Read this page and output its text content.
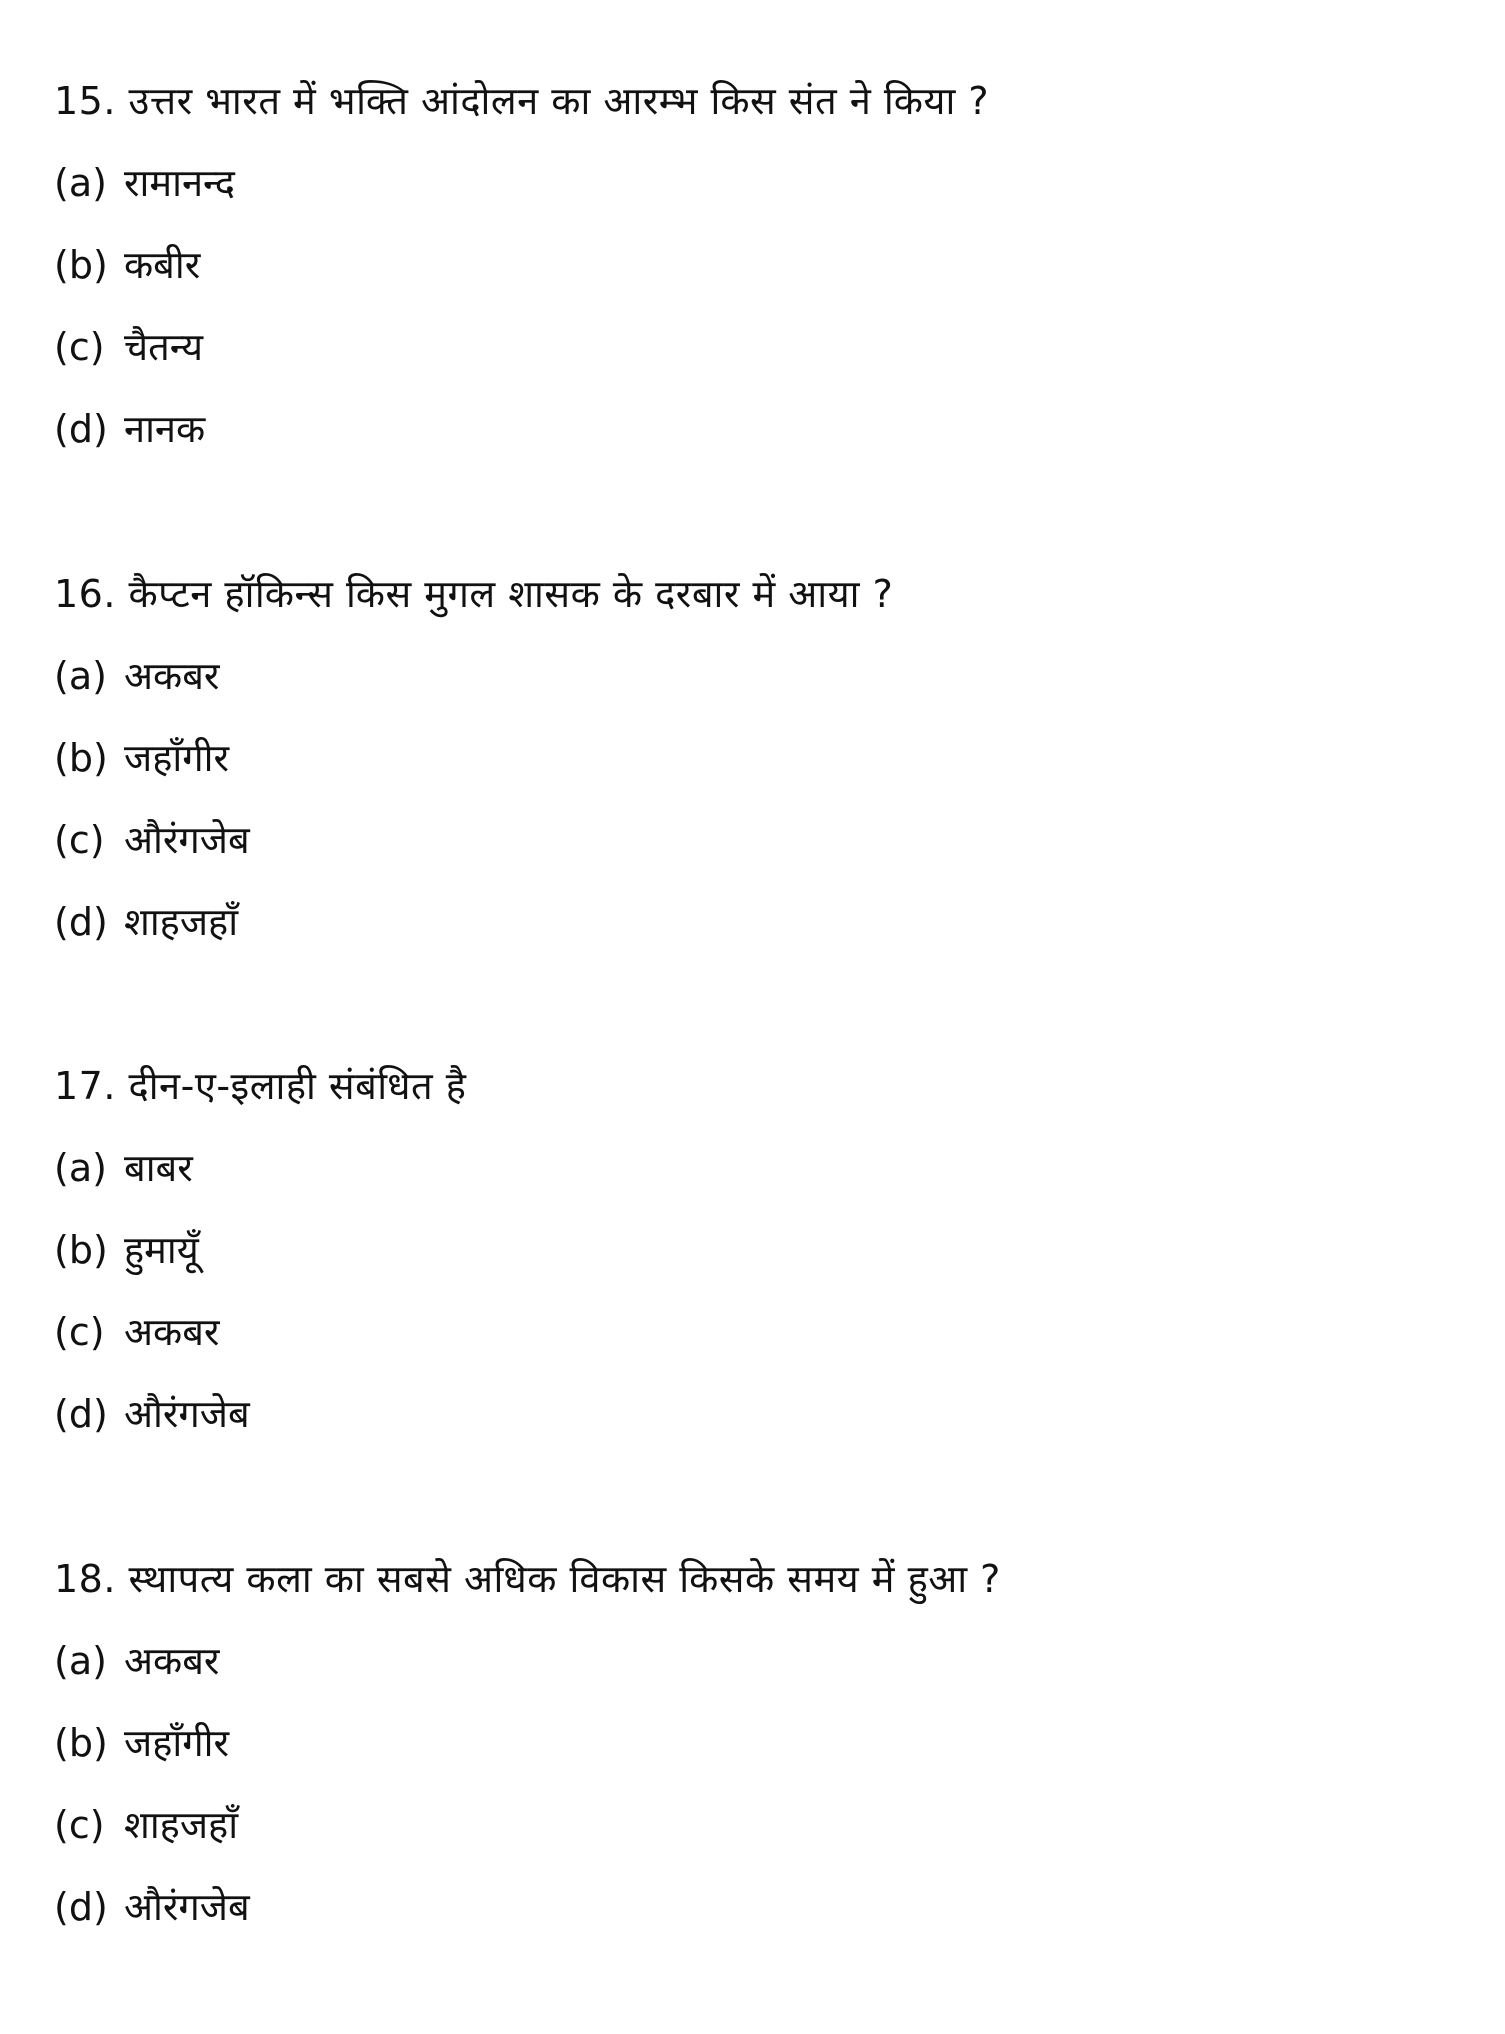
15. उत्तर भारत में भक्ति आंदोलन का आरम्भ किस संत ने किया ?
(a) रामानन्द
(b) कबीर
(c) चैतन्य
(d) नानक
16. कैप्टन हॉकिन्स किस मुगल शासक के दरबार में आया ?
(a) अकबर
(b) जहाँगीर
(c) औरंगजेब
(d) शाहजहाँ
17. दीन-ए-इलाही संबंधित है
(a) बाबर
(b) हुमायूँ
(c) अकबर
(d) औरंगजेब
18. स्थापत्य कला का सबसे अधिक विकास किसके समय में हुआ ?
(a) अकबर
(b) जहाँगीर
(c) शाहजहाँ
(d) औरंगजेब
